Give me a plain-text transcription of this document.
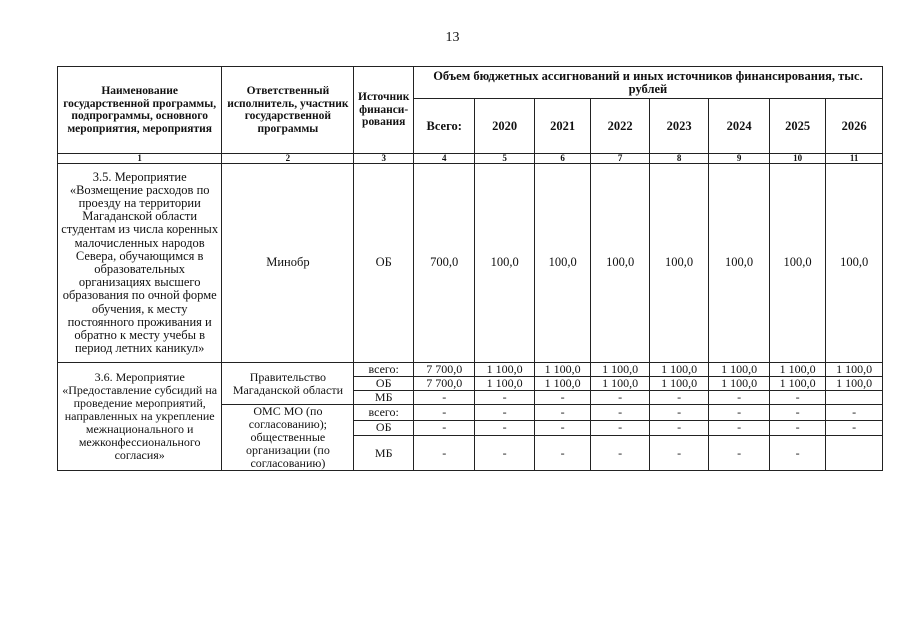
13
Наименование государственной программы, подпрограммы, основного мероприятия, мероприятия	Ответственный исполнитель, участник государственной программы	Источник финанси-рования	Объем бюджетных ассигнований и иных источников финансирования, тыс. рублей							
			Всего:	2020	2021	2022	2023	2024	2025	2026
1	2	3	4	5	6	7	8	9	10	11
3.5. Мероприятие «Возмещение расходов по проезду на территории Магаданской области студентам из числа коренных малочисленных народов Севера, обучающимся в образовательных организациях высшего образования по очной форме обучения, к месту постоянного проживания и обратно к месту учебы в период летних каникул»	Минобр	ОБ	700,0	100,0	100,0	100,0	100,0	100,0	100,0	100,0
3.6. Мероприятие «Предоставление субсидий на проведение мероприятий, направленных на укрепление межнационального и межконфессионального согласия»	Правительство Магаданской области	всего:	7 700,0	1 100,0	1 100,0	1 100,0	1 100,0	1 100,0	1 100,0	1 100,0
		ОБ	7 700,0	1 100,0	1 100,0	1 100,0	1 100,0	1 100,0	1 100,0	1 100,0
		МБ	-	-	-	-	-	-	-	
	ОМС МО (по согласованию); общественные организации (по согласованию)	всего:	-	-	-	-	-	-	-	-
		ОБ	-	-	-	-	-	-	-	-
		МБ	-	-	-	-	-	-	-	
